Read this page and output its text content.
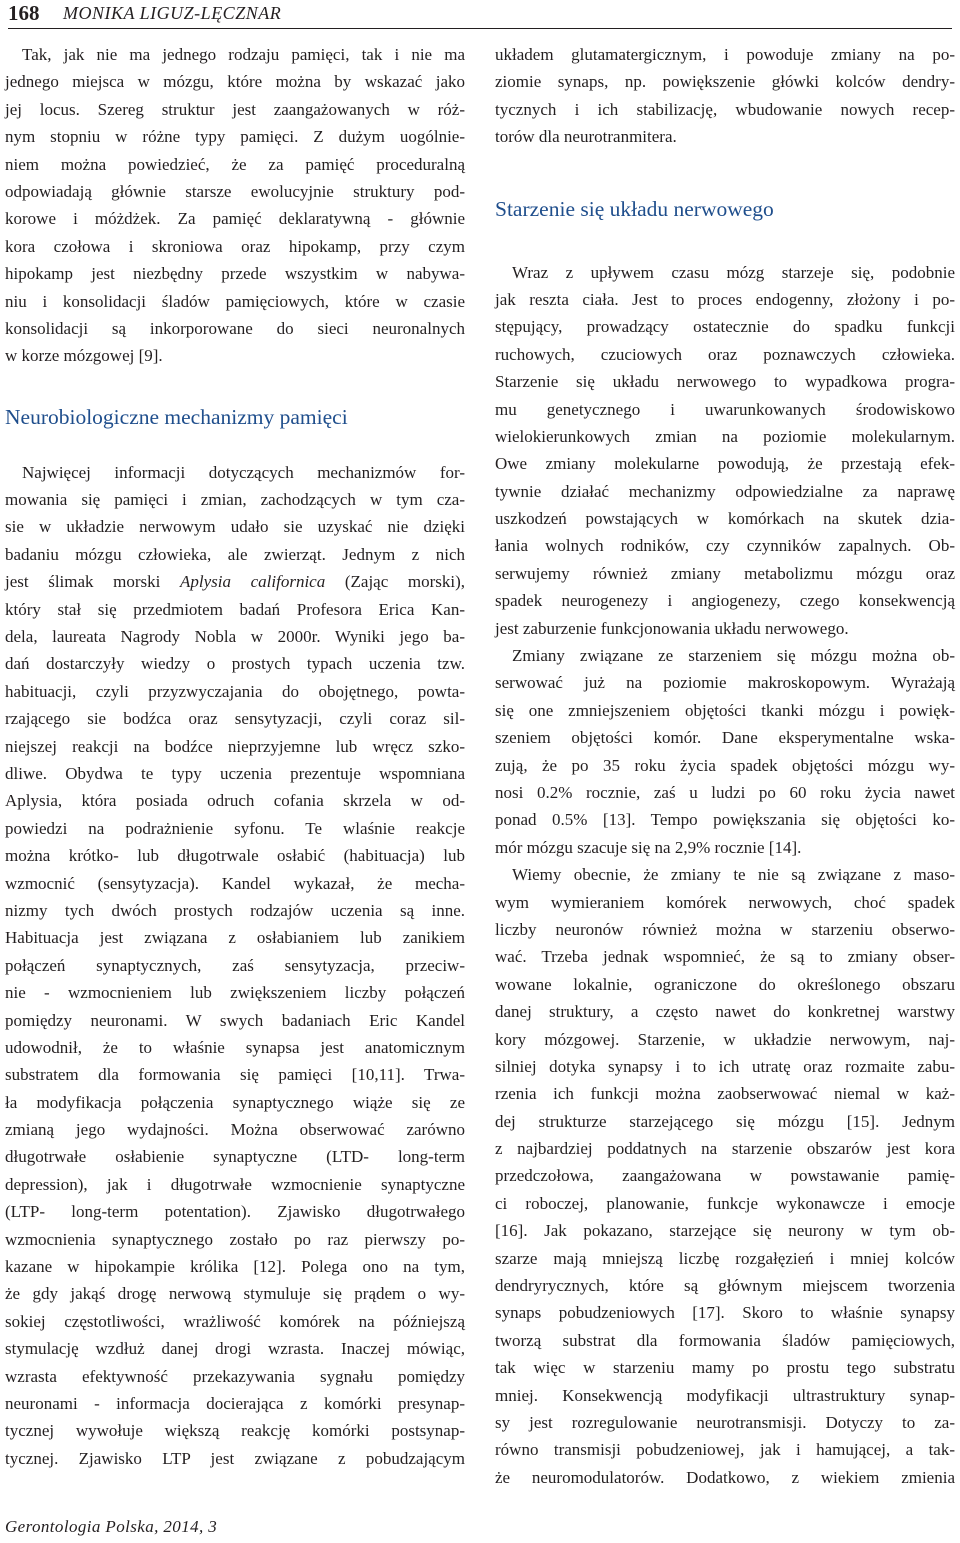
168 MONIKA LIGUZ-LĘCZNAR
Tak, jak nie ma jednego rodzaju pamięci, tak i nie ma
jednego miejsca w mózgu, które można by wskazać jako
jej locus. Szereg struktur jest zaangażowanych w róż-
nym stopniu w różne typy pamięci. Z dużym uogólnie-
niem można powiedzieć, że za pamięć proceduralną
odpowiadają głównie starsze ewolucyjnie struktury pod-
korowe i móżdżek. Za pamięć deklaratywną - głównie
kora czołowa i skroniowa oraz hipokamp, przy czym
hipokamp jest niezbędny przede wszystkim w nabywa-
niu i konsolidacji śladów pamięciowych, które w czasie
konsolidacji są inkorporowane do sieci neuronalnych
w korze mózgowej [9].
Neurobiologiczne mechanizmy pamięci
Najwięcej informacji dotyczących mechanizmów for-
mowania się pamięci i zmian, zachodzących w tym cza-
sie w układzie nerwowym udało sie uzyskać nie dzięki
badaniu mózgu człowieka, ale zwierząt. Jednym z nich
jest ślimak morski Aplysia californica (Zając morski),
który stał się przedmiotem badań Profesora Erica Kan-
dela, laureata Nagrody Nobla w 2000r. Wyniki jego ba-
dań dostarczyły wiedzy o prostych typach uczenia tzw.
habituacji, czyli przyzwyczajania do obojętnego, powta-
rzającego sie bodźca oraz sensytyzacji, czyli coraz sil-
niejszej reakcji na bodźce nieprzyjemne lub wręcz szko-
dliwe. Obydwa te typy uczenia prezentuje wspomniana
Aplysia, która posiada odruch cofania skrzela w od-
powiedzi na podrażnienie syfonu. Te wlaśnie reakcje
można krótko- lub długotrwale osłabić (habituacja) lub
wzmocnić (sensytyzacja). Kandel wykazał, że mecha-
nizmy tych dwóch prostych rodzajów uczenia są inne.
Habituacja jest związana z osłabianiem lub zanikiem
połączeń synaptycznych, zaś sensytyzacja, przeciw-
nie - wzmocnieniem lub zwiększeniem liczby połączeń
pomiędzy neuronami. W swych badaniach Eric Kandel
udowodnił, że to właśnie synapsa jest anatomicznym
substratem dla formowania się pamięci [10,11]. Trwa-
ła modyfikacja połączenia synaptycznego wiąże się ze
zmianą jego wydajności. Można obserwować zarówno
długotrwałe osłabienie synaptyczne (LTD- long-term
depression), jak i długotrwałe wzmocnienie synaptyczne
(LTP- long-term potentation). Zjawisko długotrwałego
wzmocnienia synaptycznego zostało po raz pierwszy po-
kazane w hipokampie królika [12]. Polega ono na tym,
że gdy jakąś drogę nerwową stymuluje się prądem o wy-
sokiej częstotliwości, wrażliwość komórek na późniejszą
stymulację wzdłuż danej drogi wzrasta. Inaczej mówiąc,
wzrasta efektywność przekazywania sygnału pomiędzy
neuronami - informacja docierająca z komórki presynap-
tycznej wywołuje większą reakcję komórki postsynap-
tycznej. Zjawisko LTP jest związane z pobudzającym
układem glutamatergicznym, i powoduje zmiany na po-
ziomie synaps, np. powiększenie główki kolców dendry-
tycznych i ich stabilizację, wbudowanie nowych recep-
torów dla neurotranmitera.
Starzenie się układu nerwowego
Wraz z upływem czasu mózg starzeje się, podobnie
jak reszta ciała. Jest to proces endogenny, złożony i po-
stępujący, prowadzący ostatecznie do spadku funkcji
ruchowych, czuciowych oraz poznawczych człowieka.
Starzenie się układu nerwowego to wypadkowa progra-
mu genetycznego i uwarunkowanych środowiskowo
wielokierunkowych zmian na poziomie molekularnym.
Owe zmiany molekularne powodują, że przestają efek-
tywnie działać mechanizmy odpowiedzialne za naprawę
uszkodzeń powstających w komórkach na skutek dzia-
łania wolnych rodników, czy czynników zapalnych. Ob-
serwujemy również zmiany metabolizmu mózgu oraz
spadek neurogenezy i angiogenezy, czego konsekwencją
jest zaburzenie funkcjonowania układu nerwowego.
Zmiany związane ze starzeniem się mózgu można ob-
serwować już na poziomie makroskopowym. Wyrażają
się one zmniejszeniem objętości tkanki mózgu i powięk-
szeniem objętości komór. Dane eksperymentalne wska-
zują, że po 35 roku życia spadek objętości mózgu wy-
nosi 0.2% rocznie, zaś u ludzi po 60 roku życia nawet
ponad 0.5% [13]. Tempo powiększania się objętości ko-
mór mózgu szacuje się na 2,9% rocznie [14].
Wiemy obecnie, że zmiany te nie są związane z maso-
wym wymieraniem komórek nerwowych, choć spadek
liczby neuronów również można w starzeniu obserwo-
wać. Trzeba jednak wspomnieć, że są to zmiany obser-
wowane lokalnie, ograniczone do określonego obszaru
danej struktury, a często nawet do konkretnej warstwy
kory mózgowej. Starzenie, w układzie nerwowym, naj-
silniej dotyka synapsy i to ich utratę oraz rozmaite zabu-
rzenia ich funkcji można zaobserwować niemal w każ-
dej strukturze starzejącego się mózgu [15]. Jednym
z najbardziej poddatnych na starzenie obszarów jest kora
przedczołowa, zaangażowana w powstawanie pamię-
ci roboczej, planowanie, funkcje wykonawcze i emocje
[16]. Jak pokazano, starzejące się neurony w tym ob-
szarze mają mniejszą liczbę rozgałęzień i mniej kolców
dendryrycznych, które są głównym miejscem tworzenia
synaps pobudzeniowych [17]. Skoro to właśnie synapsy
tworzą substrat dla formowania śladów pamięciowych,
tak więc w starzeniu mamy po prostu tego substratu
mniej. Konsekwencją modyfikacji ultrastruktury synap-
sy jest rozregulowanie neurotransmisji. Dotyczy to za-
równo transmisji pobudzeniowej, jak i hamującej, a tak-
że neuromodulatorów. Dodatkowo, z wiekiem zmienia
Gerontologia Polska, 2014, 3
